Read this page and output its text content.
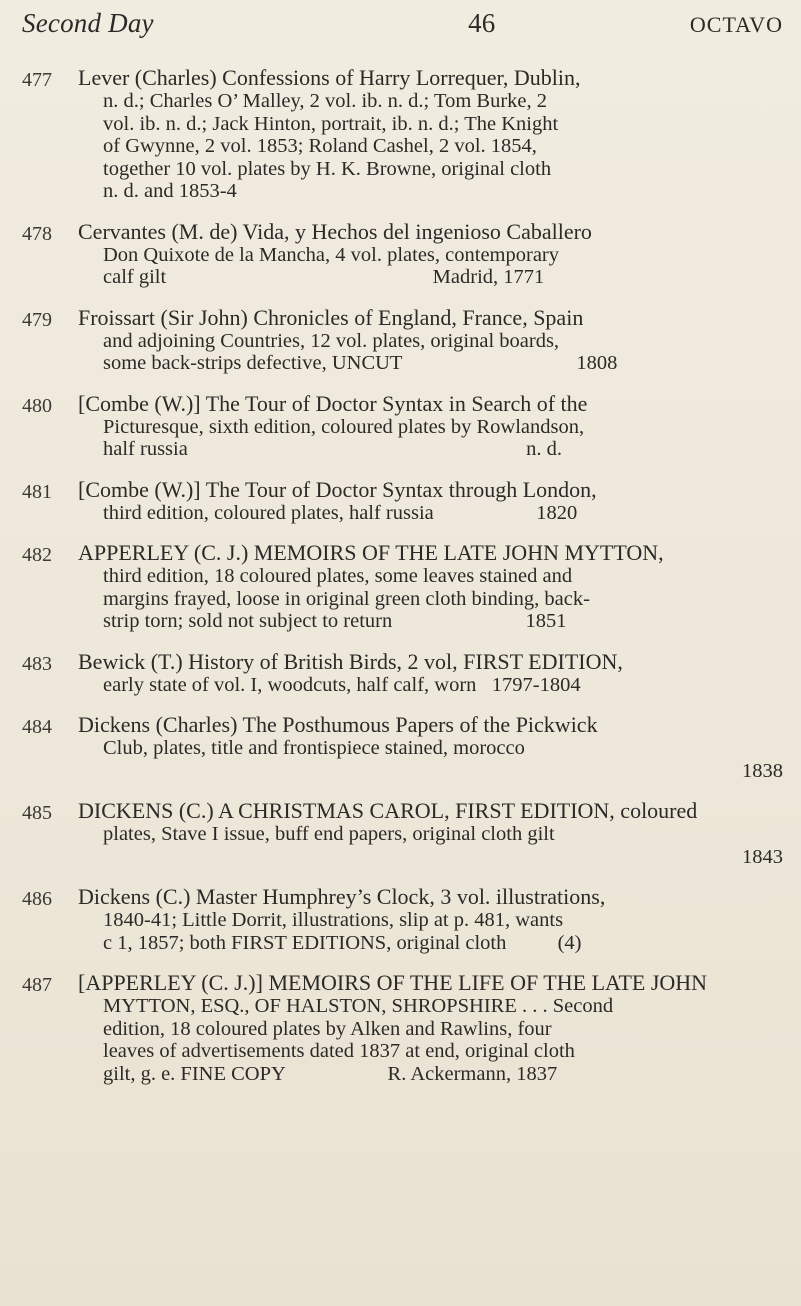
Second Day	46	OCTAVO
477	Lever (Charles) Confessions of Harry Lorrequer, Dublin,
n. d.; Charles O’ Malley, 2 vol. ib. n. d.; Tom Burke, 2
vol. ib. n. d.; Jack Hinton, portrait, ib. n. d.; The Knight
of Gwynne, 2 vol. 1853; Roland Cashel, 2 vol. 1854,
together 10 vol. plates by H. K. Browne, original cloth
n. d. and 1853-4
478	Cervantes (M. de) Vida, y Hechos del ingenioso Caballero
Don Quixote de la Mancha, 4 vol. plates, contemporary
calf gilt                                                    Madrid, 1771
479	Froissart (Sir John) Chronicles of England, France, Spain
and adjoining Countries, 12 vol. plates, original boards,
some back-strips defective, UNCUT                                  1808
480	[Combe (W.)] The Tour of Doctor Syntax in Search of the
Picturesque, sixth edition, coloured plates by Rowlandson,
half russia                                                                  n. d.
481	[Combe (W.)] The Tour of Doctor Syntax through London,
third edition, coloured plates, half russia                    1820
482	APPERLEY (C. J.) MEMOIRS OF THE LATE JOHN MYTTON,
third edition, 18 coloured plates, some leaves stained and
margins frayed, loose in original green cloth binding, back-
strip torn; sold not subject to return                          1851
483	Bewick (T.) History of British Birds, 2 vol, FIRST EDITION,
early state of vol. I, woodcuts, half calf, worn   1797-1804
484	Dickens (Charles) The Posthumous Papers of the Pickwick
Club, plates, title and frontispiece stained, morocco
1838
485	DICKENS (C.) A CHRISTMAS CAROL, FIRST EDITION, coloured
plates, Stave I issue, buff end papers, original cloth gilt
1843
486	Dickens (C.) Master Humphrey’s Clock, 3 vol. illustrations,
1840-41; Little Dorrit, illustrations, slip at p. 481, wants
c 1, 1857; both FIRST EDITIONS, original cloth          (4)
487	[APPERLEY (C. J.)] MEMOIRS OF THE LIFE OF THE LATE JOHN
MYTTON, ESQ., OF HALSTON, SHROPSHIRE . . . Second
edition, 18 coloured plates by Alken and Rawlins, four
leaves of advertisements dated 1837 at end, original cloth
gilt, g. e. FINE COPY                    R. Ackermann, 1837
